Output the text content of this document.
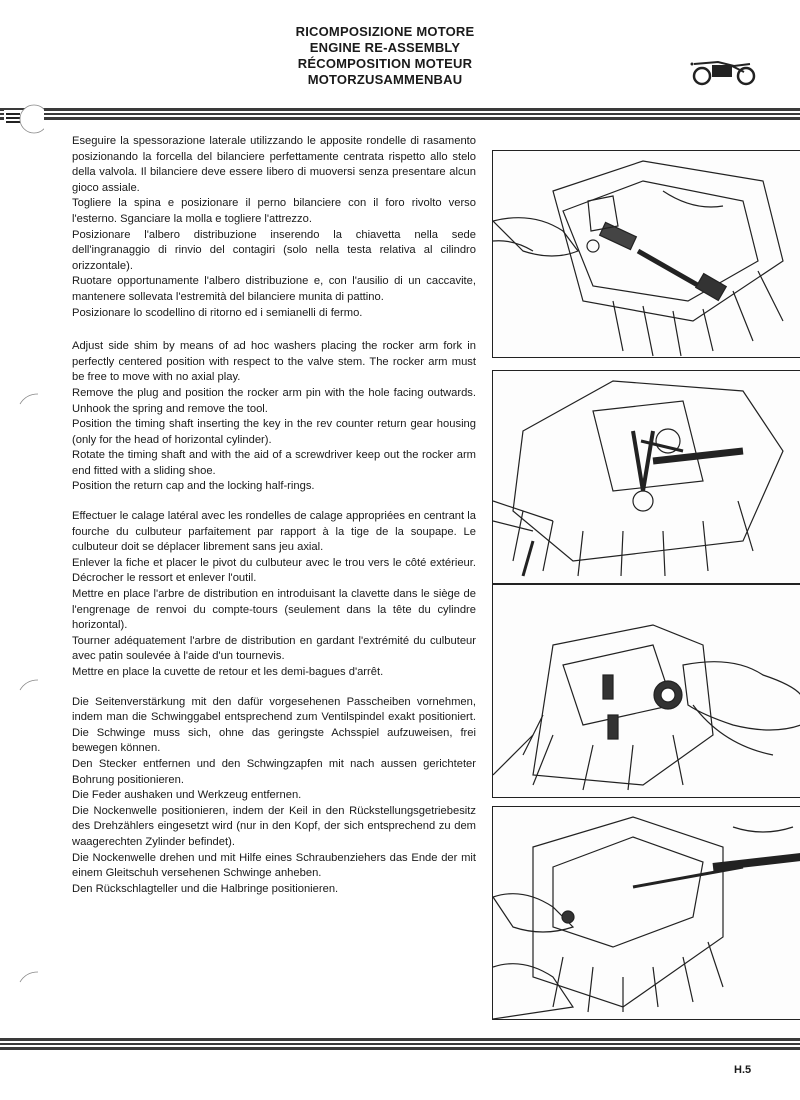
RICOMPOSIZIONE MOTORE
ENGINE RE-ASSEMBLY
RÉCOMPOSITION MOTEUR
MOTORZUSAMMENBAU

Eseguire la spessorazione laterale utilizzando le apposite rondelle di rasamento posizionando la forcella del bilanciere perfettamente centrata rispetto allo stelo della valvola. Il bilanciere deve essere libero di muoversi senza presentare alcun gioco assiale.
Togliere la spina e posizionare il perno bilanciere con il foro rivolto verso l'esterno. Sganciare la molla e togliere l'attrezzo.
Posizionare l'albero distribuzione inserendo la chiavetta nella sede dell'ingranaggio di rinvio del contagiri (solo nella testa relativa al cilindro orizzontale).
Ruotare opportunamente l'albero distribuzione e, con l'ausilio di un caccavite, mantenere sollevata l'estremità del bilanciere munita di pattino.
Posizionare lo scodellino di ritorno ed i semianelli di fermo.

Adjust side shim by means of ad hoc washers placing the rocker arm fork in perfectly centered position with respect to the valve stem. The rocker arm must be free to move with no axial play.
Remove the plug and position the rocker arm pin with the hole facing outwards. Unhook the spring and remove the tool.
Position the timing shaft inserting the key in the rev counter return gear housing (only for the head of horizontal cylinder).
Rotate the timing shaft and with the aid of a screwdriver keep out the rocker arm end fitted with a sliding shoe.
Position the return cap and the locking half-rings.

Effectuer le calage latéral avec les rondelles de calage appropriées en centrant la fourche du culbuteur parfaitement par rapport à la tige de la soupape. Le culbuteur doit se déplacer librement sans jeu axial.
Enlever la fiche et placer le pivot du culbuteur avec le trou vers le côté extérieur. Décrocher le ressort et enlever l'outil.
Mettre en place l'arbre de distribution en introduisant la clavette dans le siège de l'engrenage de renvoi du compte-tours (seulement dans la tête du cylindre horizontal).
Tourner adéquatement l'arbre de distribution en gardant l'extrémité du culbuteur avec patin soulevée à l'aide d'un tournevis.
Mettre en place la cuvette de retour et les demi-bagues d'arrêt.

Die Seitenverstärkung mit den dafür vorgesehenen Passcheiben vornehmen, indem man die Schwinggabel entsprechend zum Ventilspindel exakt positioniert. Die Schwinge muss sich, ohne das geringste Achsspiel aufzuweisen, frei bewegen können.
Den Stecker entfernen und den Schwingzapfen mit nach aussen gerichteter Bohrung positionieren.
Die Feder aushaken und Werkzeug entfernen.
Die Nockenwelle positionieren, indem der Keil in den Rückstellungsgetriebesitz des Drehzählers eingesetzt wird (nur in den Kopf, der sich entsprechend zu dem waagerechten Zylinder befindet).
Die Nockenwelle drehen und mit Hilfe eines Schraubenziehers das Ende der mit einem Gleitschuh versehenen Schwinge anheben.
Den Rückschlagteller und die Halbringe positionieren.

H.5
